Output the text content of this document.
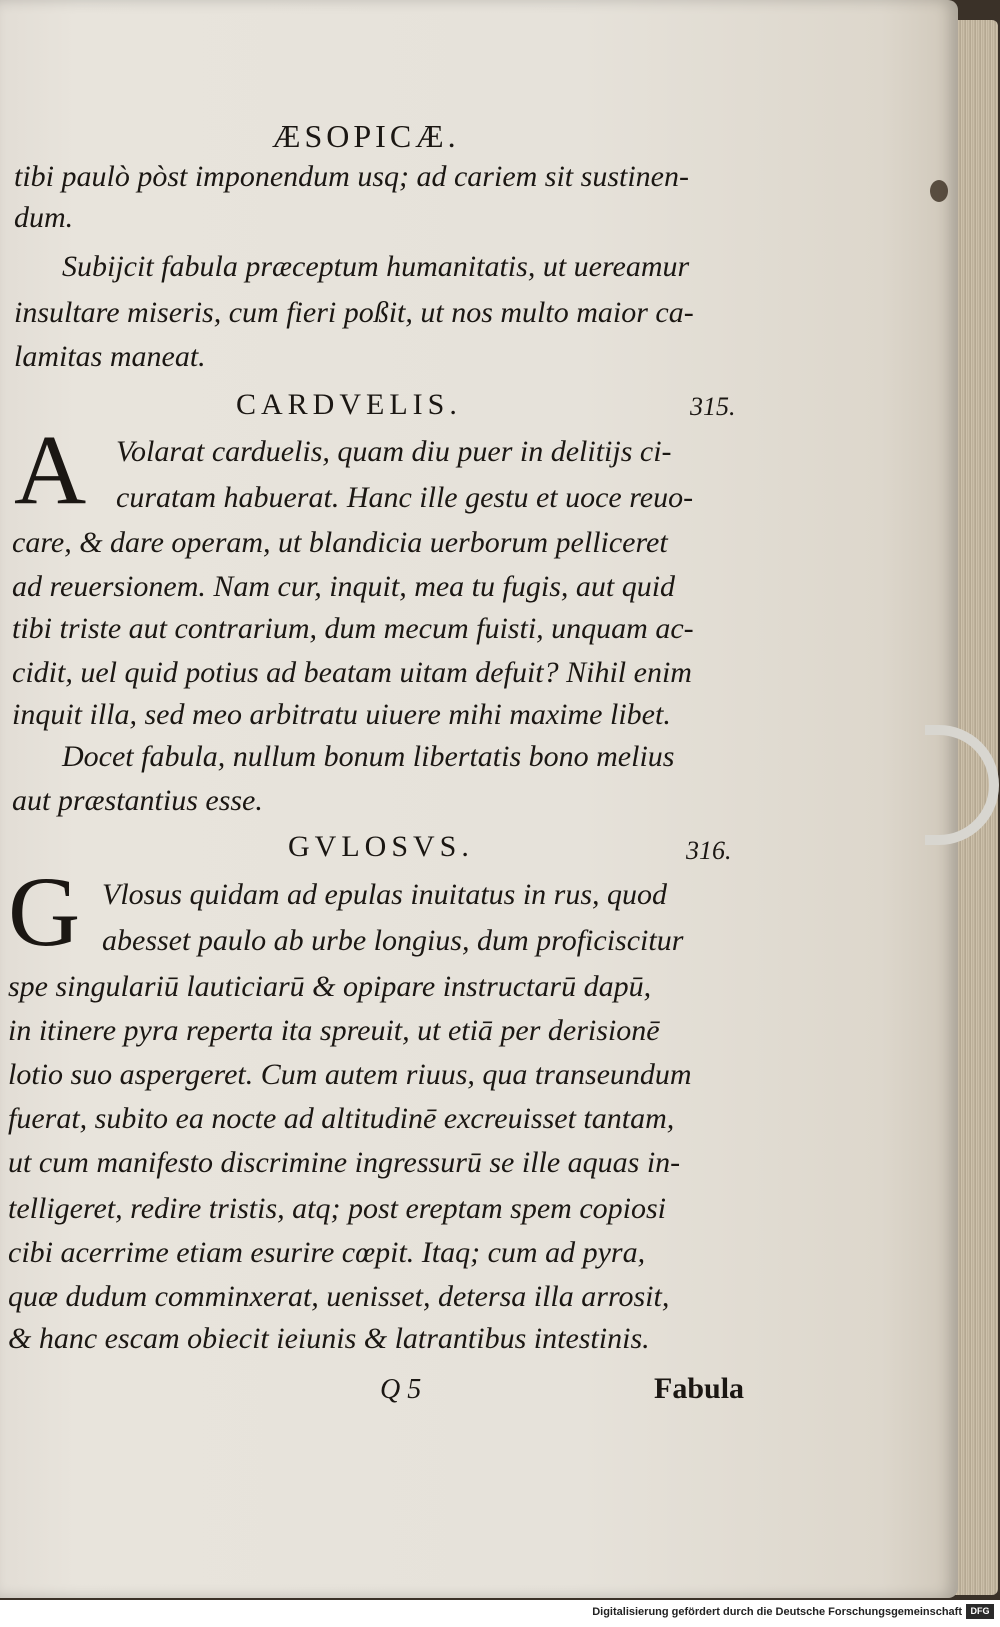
ÆSOPICÆ.
tibi paulò pòst imponendum usq; ad cariem sit sustinen-
dum.
Subijcit fabula præceptum humanitatis, ut uereamur
insultare miseris, cum fieri poßit, ut nos multo maior ca-
lamitas maneat.
CARDVELIS.	315.
A Volarat carduelis, quam diu puer in delitijs ci-
curatam habuerat. Hanc ille gestu et uoce reuo-
care, & dare operam, ut blandicia uerborum pelliceret
ad reuersionem. Nam cur, inquit, mea tu fugis, aut quid
tibi triste aut contrarium, dum mecum fuisti, unquam ac-
cidit, uel quid potius ad beatam uitam defuit? Nihil enim
inquit illa, sed meo arbitratu uiuere mihi maxime libet.
Docet fabula, nullum bonum libertatis bono melius
aut præstantius esse.
GVLOSVS.	316.
G Vlosus quidam ad epulas inuitatus in rus, quod
abesset paulo ab urbe longius, dum proficiscitur
spe singulariū lauticiarū & opipare instructarū dapū,
in itinere pyra reperta ita spreuit, ut etiā per derisionē
lotio suo aspergeret. Cum autem riuus, qua transeundum
fuerat, subito ea nocte ad altitudinē excreuisset tantam,
ut cum manifesto discrimine ingressurū se ille aquas in-
telligeret, redire tristis, atq; post ereptam spem copiosi
cibi acerrime etiam esurire cœpit. Itaq; cum ad pyra,
quæ dudum comminxerat, uenisset, detersa illa arrosit,
& hanc escam obiecit ieiunis & latrantibus intestinis.
Q 5	Fabula
Digitalisierung gefördert durch die Deutsche Forschungsgemeinschaft DFG
